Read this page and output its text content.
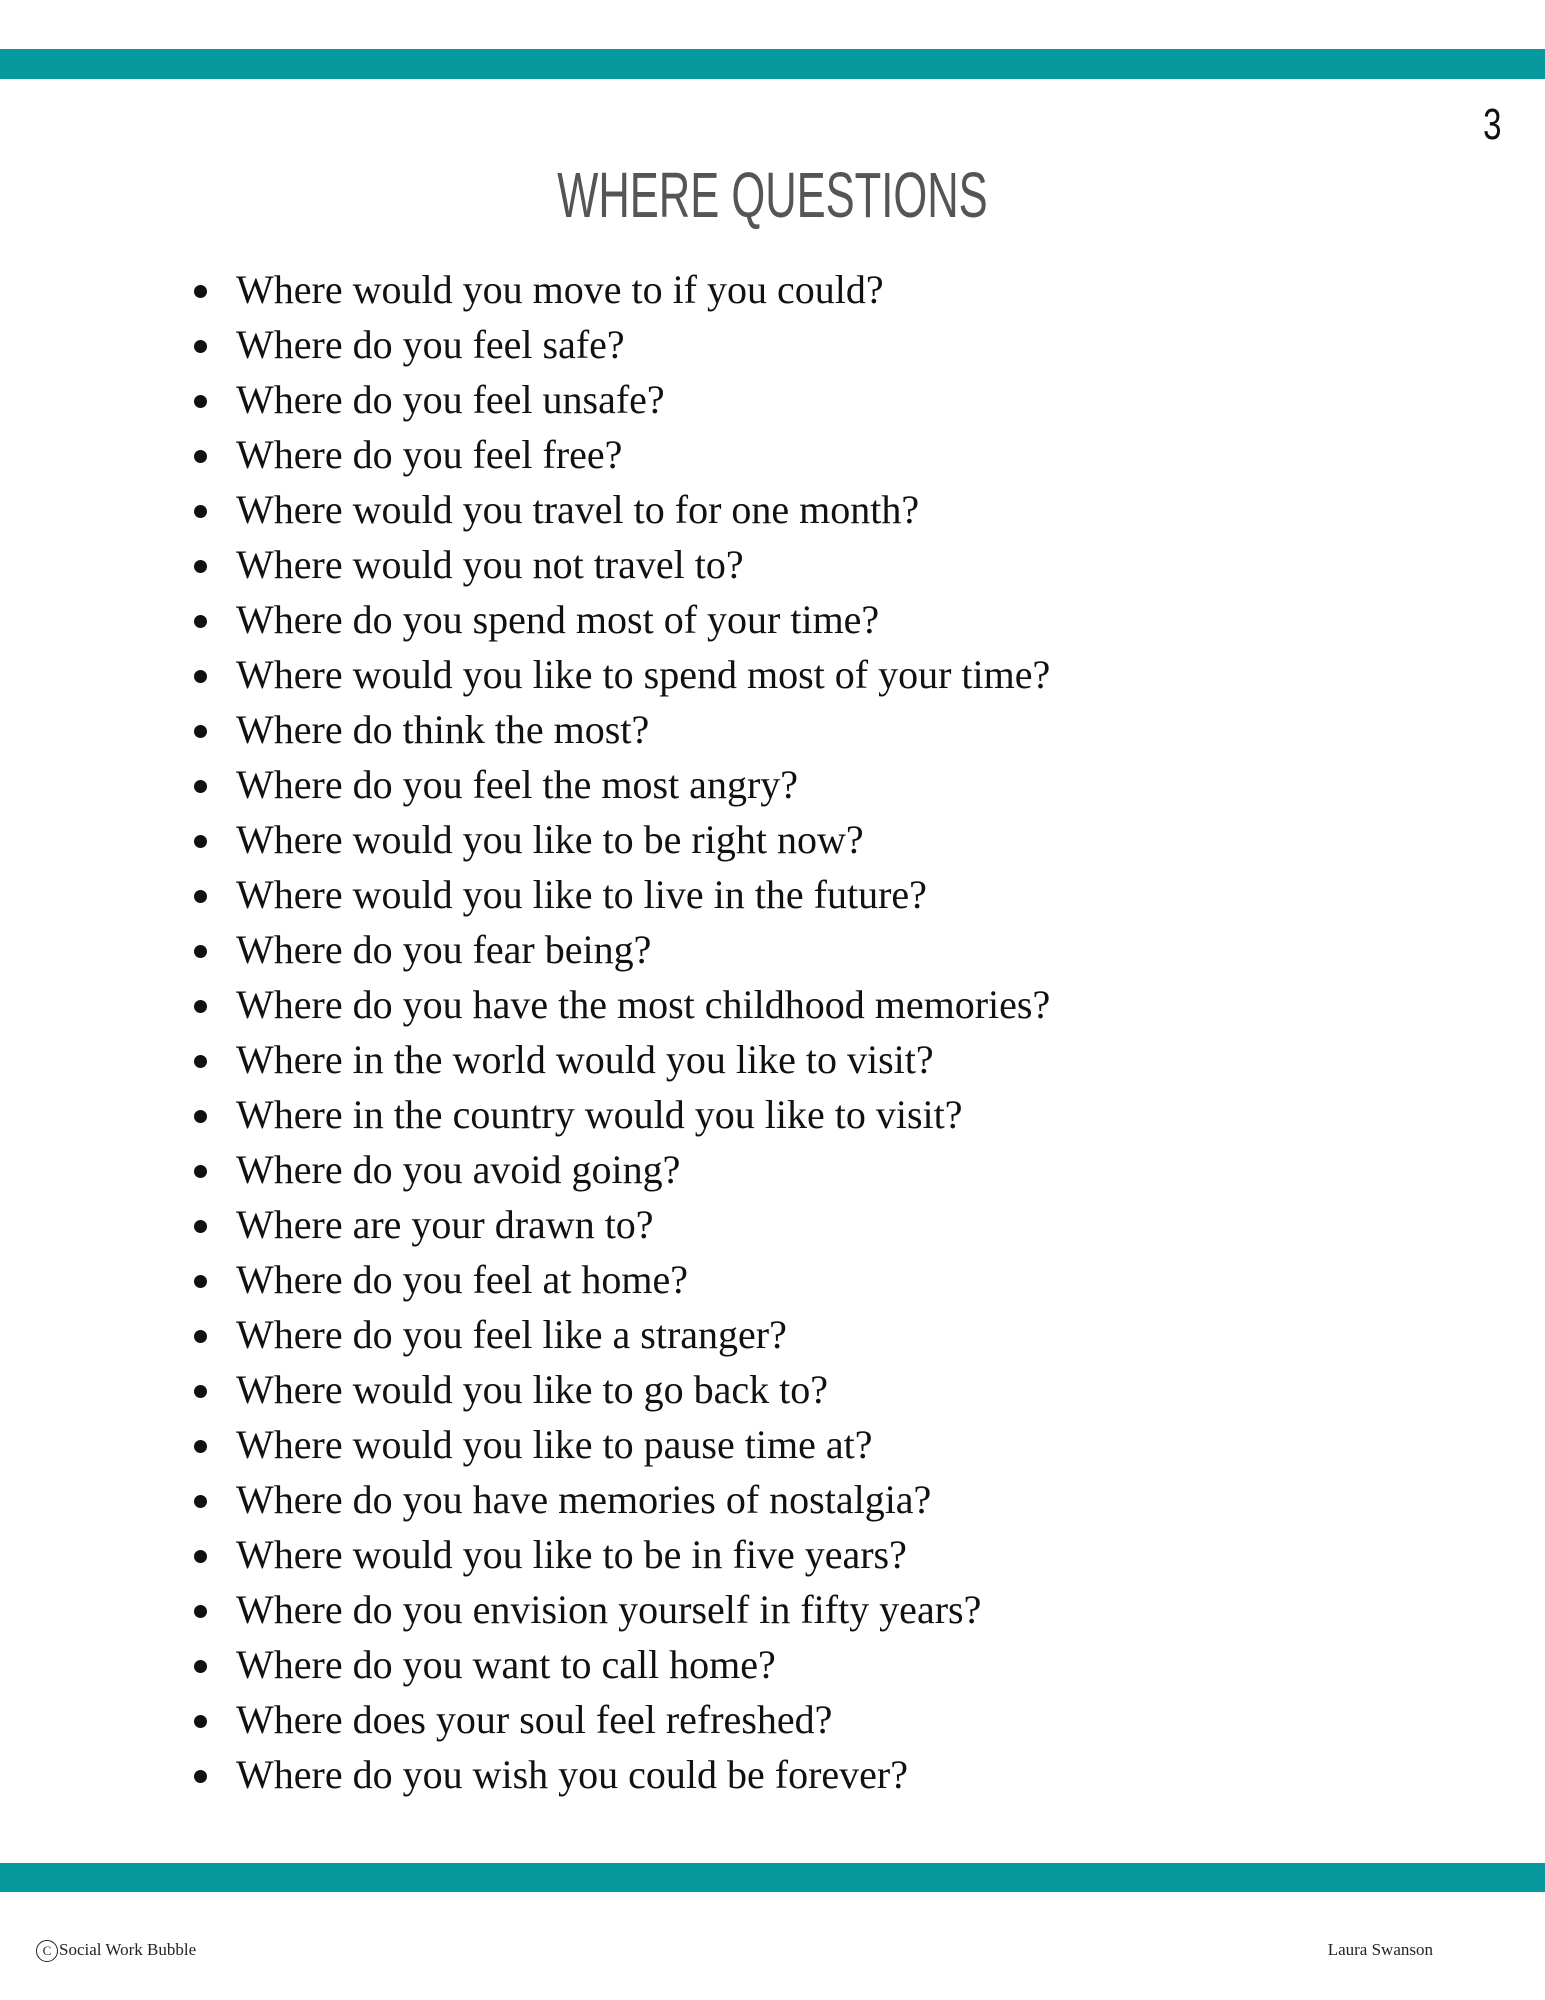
3
WHERE QUESTIONS
Where would you move to if you could?
Where do you feel safe?
Where do you feel unsafe?
Where do you feel free?
Where would you travel to for one month?
Where would you not travel to?
Where do you spend most of your time?
Where would you like to spend most of your time?
Where do think the most?
Where do you feel the most angry?
Where would you like to be right now?
Where would you like to live in the future?
Where do you fear being?
Where do you have the most childhood memories?
Where in the world would you like to visit?
Where in the country would you like to visit?
Where do you avoid going?
Where are your drawn to?
Where do you feel at home?
Where do you feel like a stranger?
Where would you like to go back to?
Where would you like to pause time at?
Where do you have memories of nostalgia?
Where would you like to be in five years?
Where do you envision yourself in fifty years?
Where do you want to call home?
Where does your soul feel refreshed?
Where do you wish you could be forever?
C Social Work Bubble	Laura Swanson
